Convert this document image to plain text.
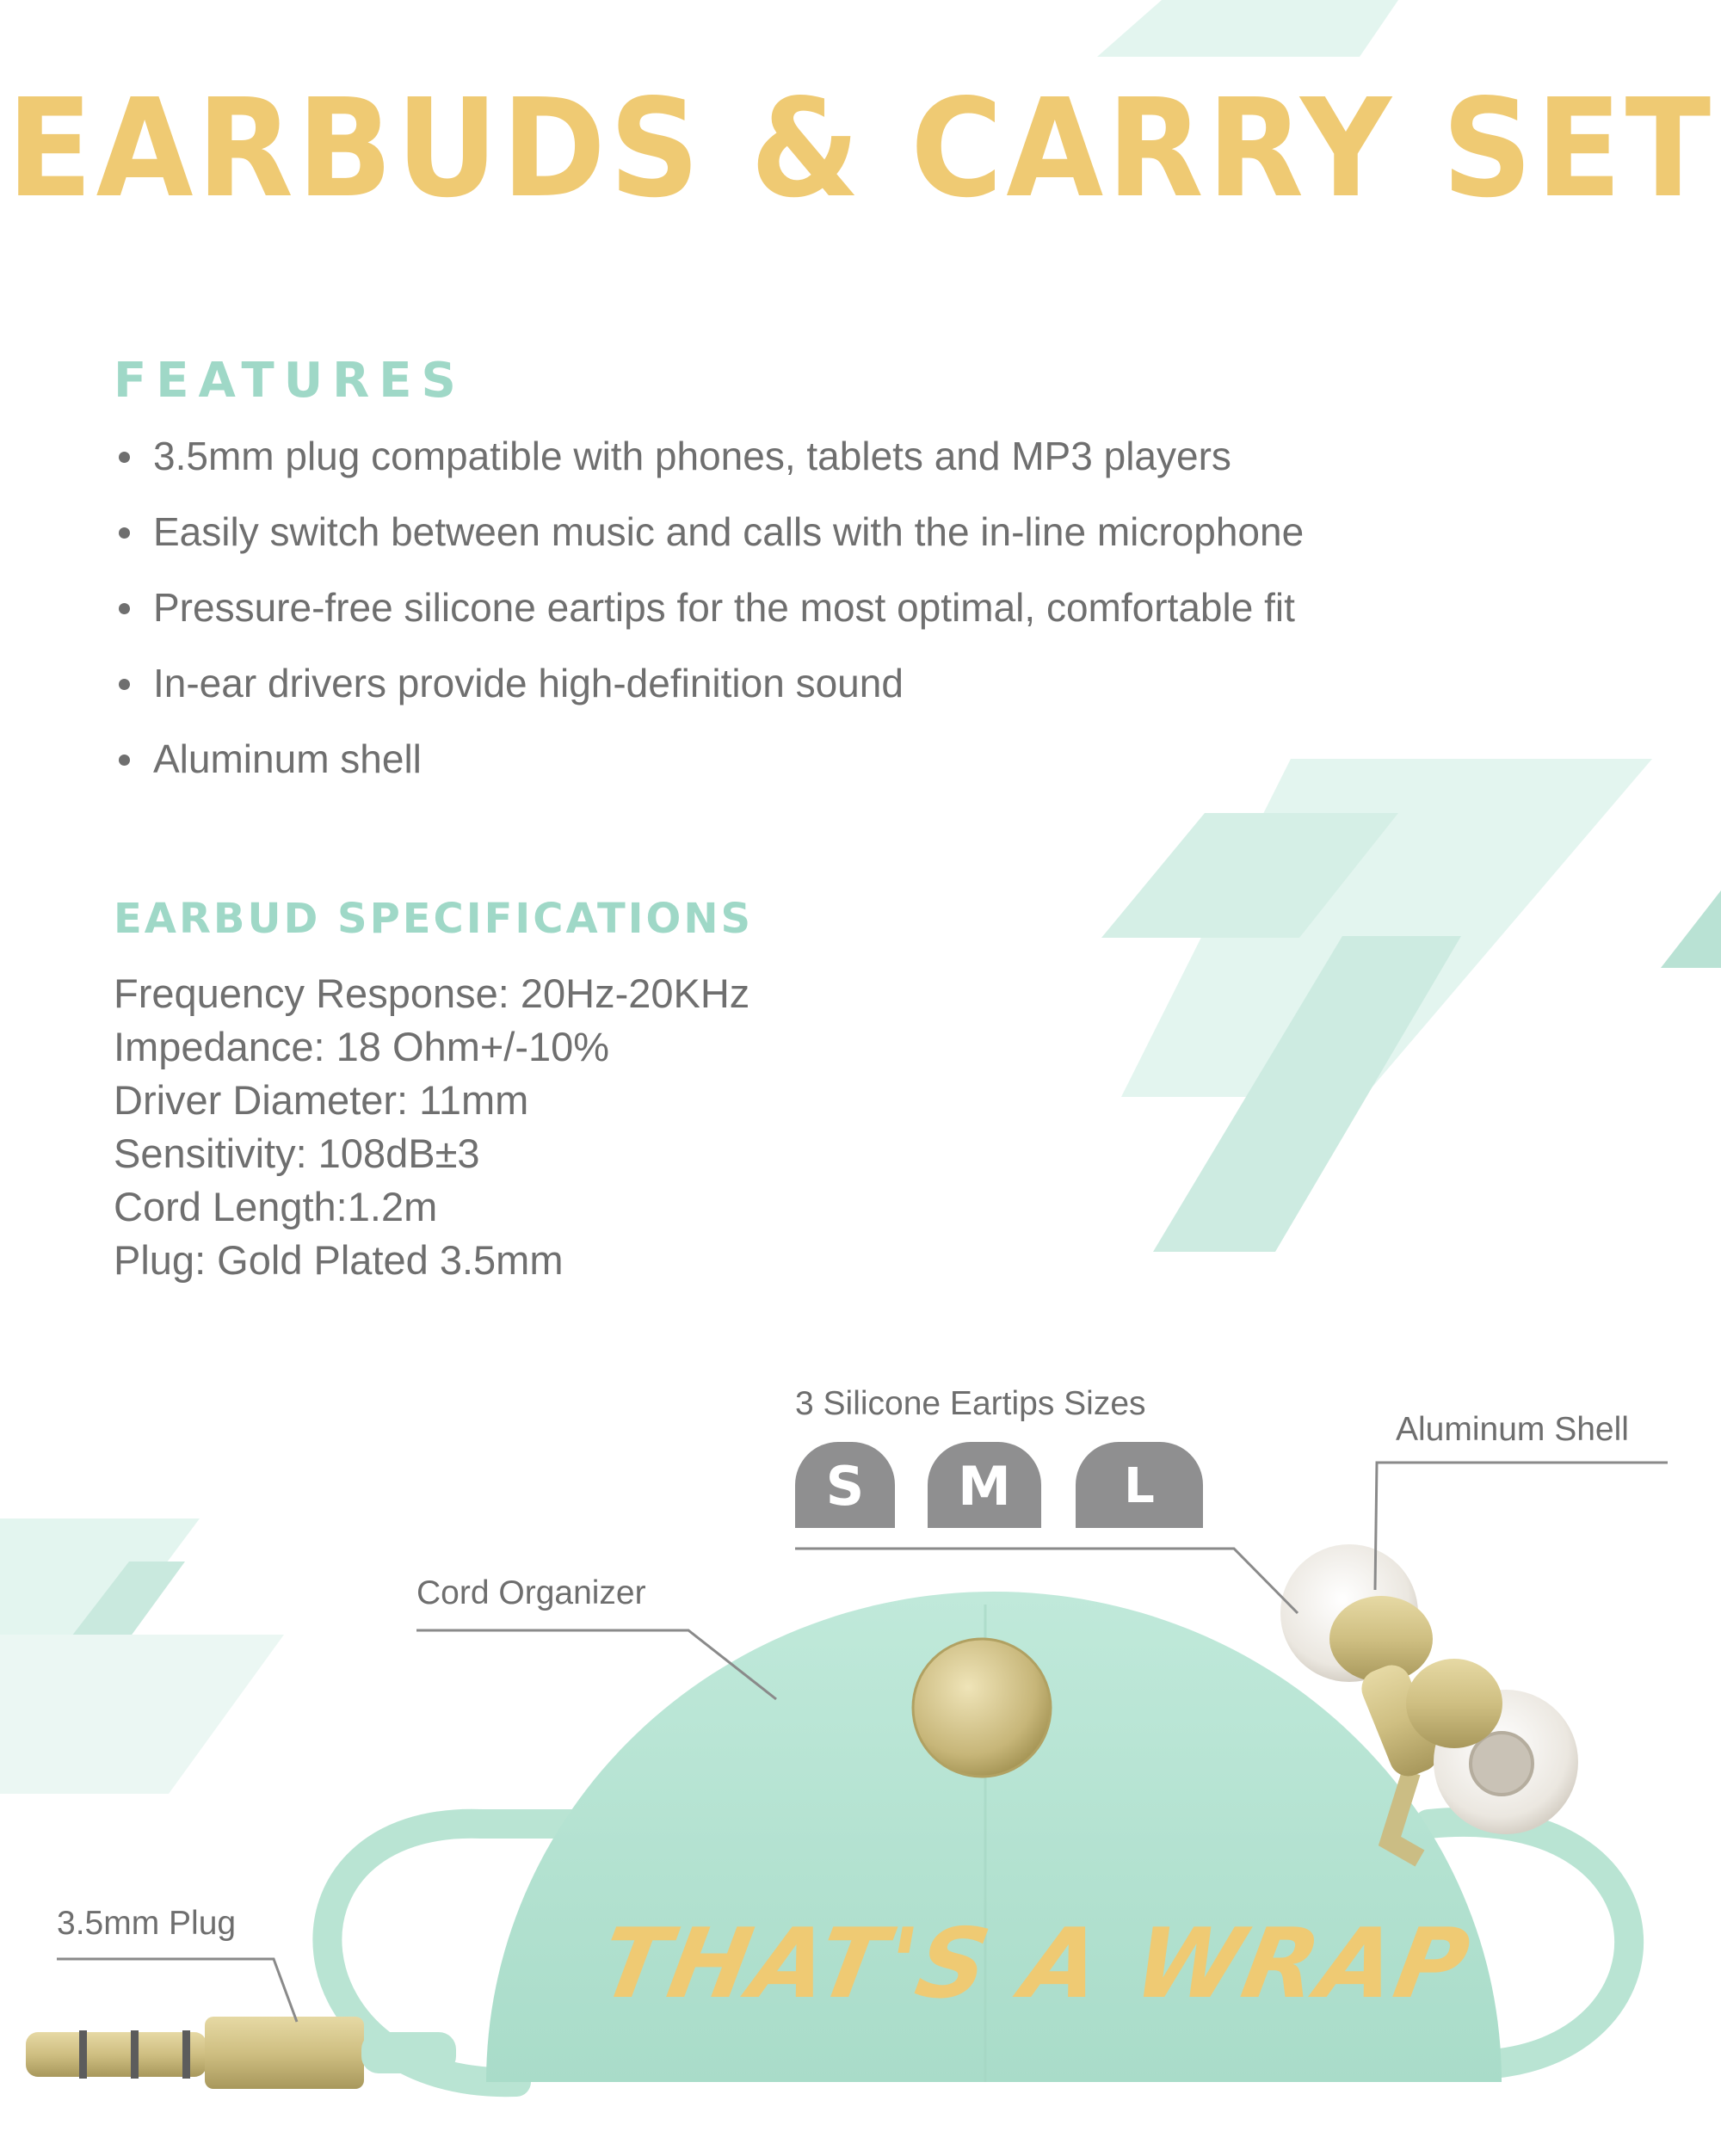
EARBUDS & CARRY SET
FEATURES
3.5mm plug compatible with phones, tablets and MP3 players
Easily switch between music and calls with the in-line microphone
Pressure-free silicone eartips for the most optimal, comfortable fit
In-ear drivers provide high-definition sound
Aluminum shell
EARBUD SPECIFICATIONS
Frequency Response: 20Hz-20KHz
Impedance: 18 Ohm+/-10%
Driver Diameter: 11mm
Sensitivity: 108dB±3
Cord Length:1.2m
Plug: Gold Plated 3.5mm
THAT'S A WRAP
3 Silicone Eartips Sizes
S	M	L
Aluminum Shell
Cord Organizer
3.5mm Plug
